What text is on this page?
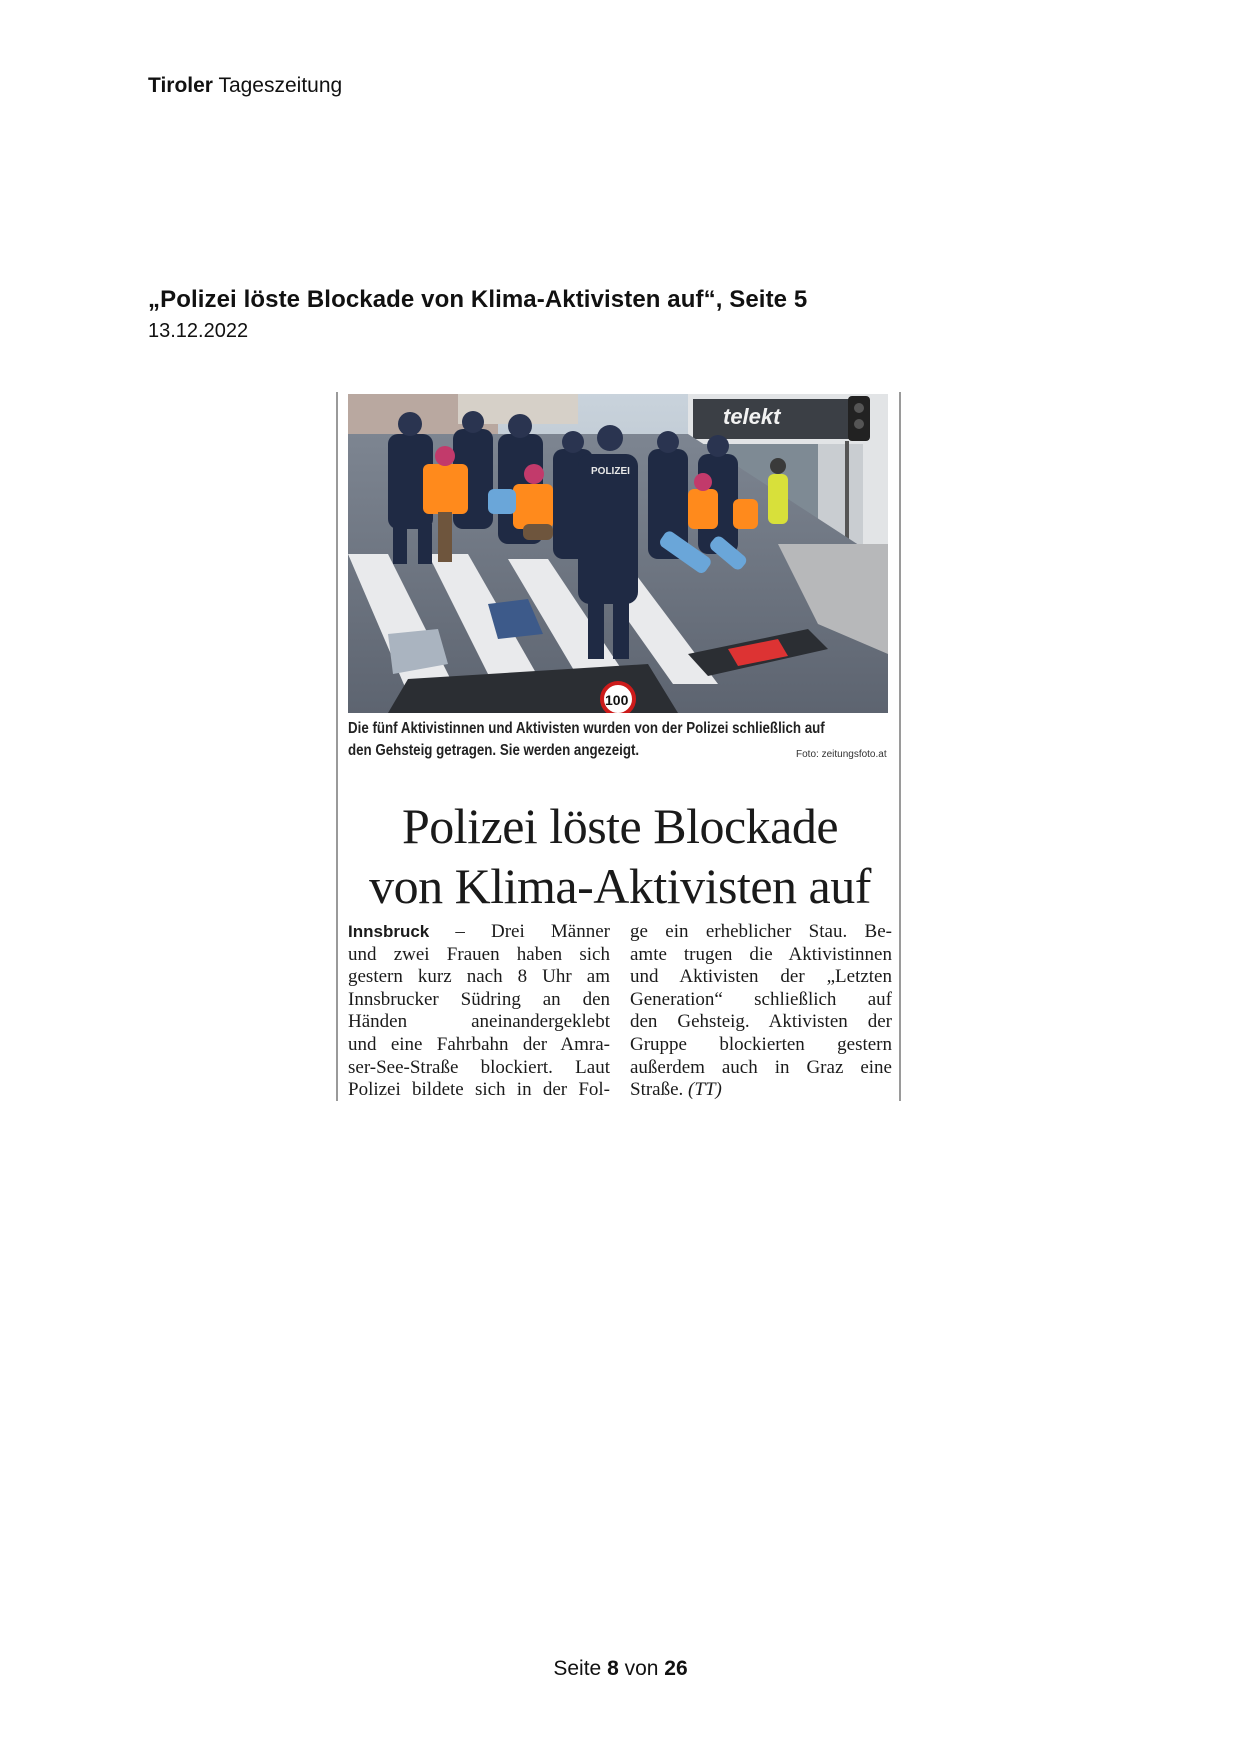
Tiroler Tageszeitung
„Polizei löste Blockade von Klima-Aktivisten auf“, Seite 5
13.12.2022
telekt
100
POLIZEI
Die fünf Aktivistinnen und Aktivisten wurden von der Polizei schließlich auf
den Gehsteig getragen. Sie werden angezeigt.	Foto: zeitungsfoto.at
Polizei löste Blockade
von Klima-Aktivisten auf
Innsbruck – Drei Männer
und zwei Frauen haben sich
gestern kurz nach 8 Uhr am
Innsbrucker Südring an den
Händen aneinandergeklebt
und eine Fahrbahn der Amra-
ser-See-Straße blockiert. Laut
Polizei bildete sich in der Fol-
ge ein erheblicher Stau. Be-
amte trugen die Aktivistinnen
und Aktivisten der „Letzten
Generation“ schließlich auf
den Gehsteig. Aktivisten der
Gruppe blockierten gestern
außerdem auch in Graz eine
Straße. (TT)
Seite 8 von 26
